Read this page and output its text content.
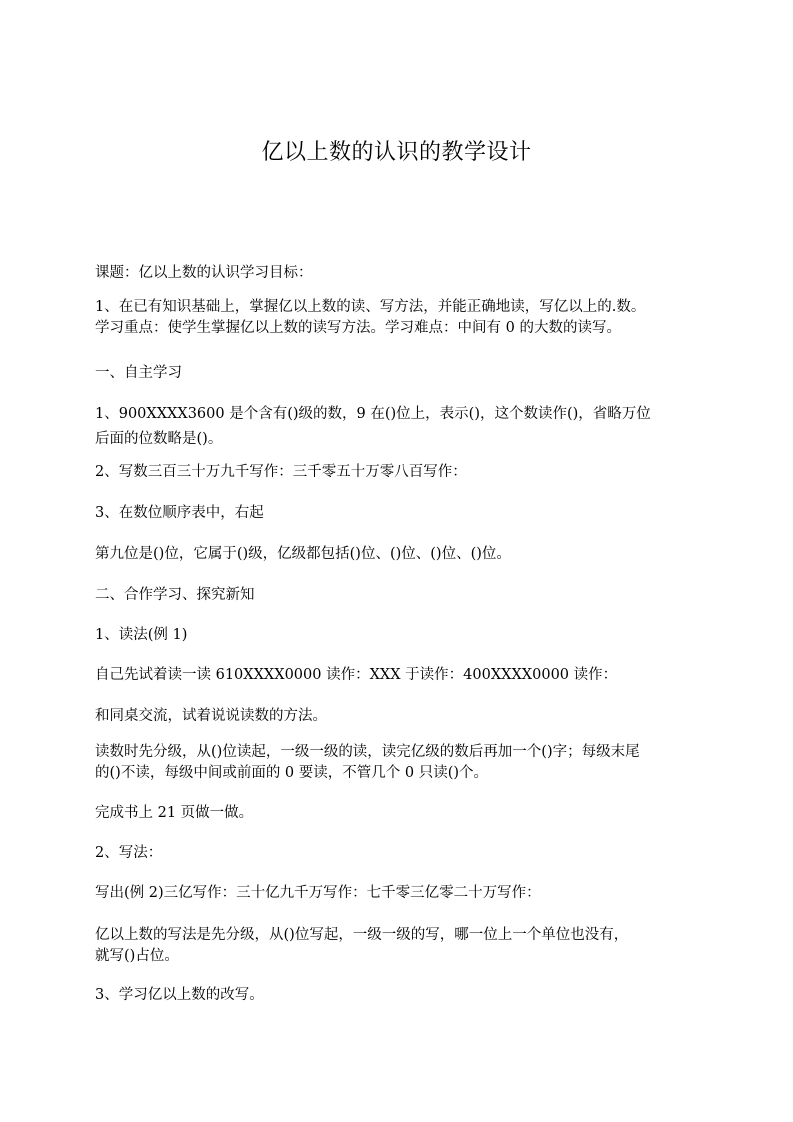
亿以上数的认识的教学设计
课题：亿以上数的认识学习目标：
1、在已有知识基础上，掌握亿以上数的读、写方法，并能正确地读，写亿以上的.数。
学习重点：使学生掌握亿以上数的读写方法。学习难点：中间有 0 的大数的读写。
一、自主学习
1、900XXXX3600 是个含有()级的数，9 在()位上，表示()，这个数读作()，省略万位
后面的位数略是()。
2、写数三百三十万九千写作：三千零五十万零八百写作：
3、在数位顺序表中，右起
第九位是()位，它属于()级，亿级都包括()位、()位、()位、()位。
二、合作学习、探究新知
1、读法(例 1)
自己先试着读一读 610XXXX0000 读作：XXX 于读作：400XXXX0000 读作：
和同桌交流，试着说说读数的方法。
读数时先分级，从()位读起，一级一级的读，读完亿级的数后再加一个()字；每级末尾
的()不读，每级中间或前面的 0 要读，不管几个 0 只读()个。
完成书上 21 页做一做。
2、写法：
写出(例 2)三亿写作：三十亿九千万写作：七千零三亿零二十万写作：
亿以上数的写法是先分级，从()位写起，一级一级的写，哪一位上一个单位也没有，
就写()占位。
3、学习亿以上数的改写。
